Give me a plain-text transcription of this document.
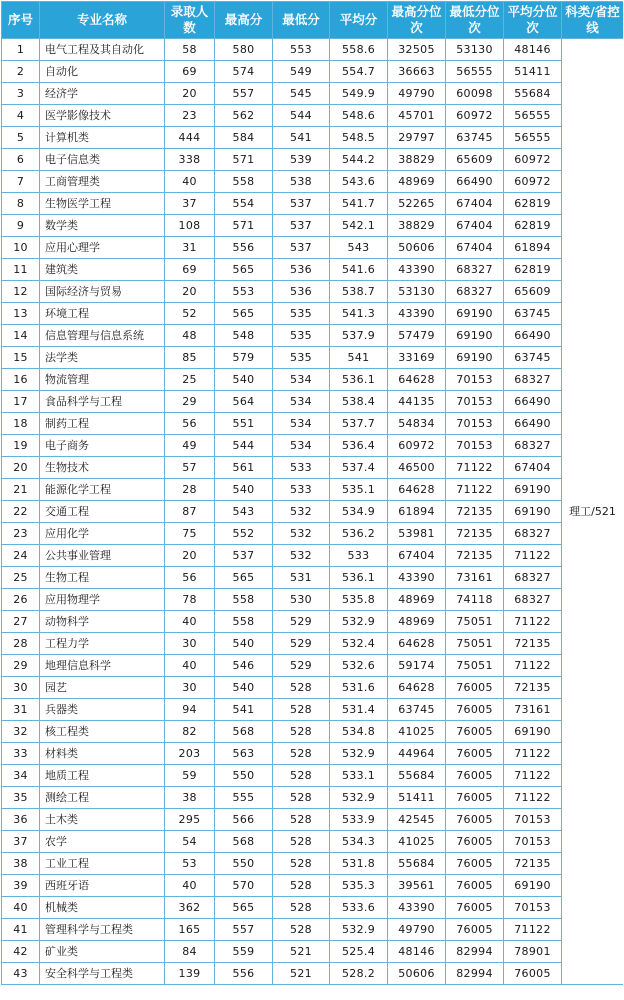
序号	专业名称	录取人数	最高分	最低分	平均分	最高分位次	最低分位次	平均分位次	科类/省控线
1	电气工程及其自动化	58	580	553	558.6	32505	53130	48146	理工/521
2	自动化	69	574	549	554.7	36663	56555	51411	
3	经济学	20	557	545	549.9	49790	60098	55684	
4	医学影像技术	23	562	544	548.6	45701	60972	56555	
5	计算机类	444	584	541	548.5	29797	63745	56555	
6	电子信息类	338	571	539	544.2	38829	65609	60972	
7	工商管理类	40	558	538	543.6	48969	66490	60972	
8	生物医学工程	37	554	537	541.7	52265	67404	62819	
9	数学类	108	571	537	542.1	38829	67404	62819	
10	应用心理学	31	556	537	543	50606	67404	61894	
11	建筑类	69	565	536	541.6	43390	68327	62819	
12	国际经济与贸易	20	553	536	538.7	53130	68327	65609	
13	环境工程	52	565	535	541.3	43390	69190	63745	
14	信息管理与信息系统	48	548	535	537.9	57479	69190	66490	
15	法学类	85	579	535	541	33169	69190	63745	
16	物流管理	25	540	534	536.1	64628	70153	68327	
17	食品科学与工程	29	564	534	538.4	44135	70153	66490	
18	制药工程	56	551	534	537.7	54834	70153	66490	
19	电子商务	49	544	534	536.4	60972	70153	68327	
20	生物技术	57	561	533	537.4	46500	71122	67404	
21	能源化学工程	28	540	533	535.1	64628	71122	69190	
22	交通工程	87	543	532	534.9	61894	72135	69190	
23	应用化学	75	552	532	536.2	53981	72135	68327	
24	公共事业管理	20	537	532	533	67404	72135	71122	
25	生物工程	56	565	531	536.1	43390	73161	68327	
26	应用物理学	78	558	530	535.8	48969	74118	68327	
27	动物科学	40	558	529	532.9	48969	75051	71122	
28	工程力学	30	540	529	532.4	64628	75051	72135	
29	地理信息科学	40	546	529	532.6	59174	75051	71122	
30	园艺	30	540	528	531.6	64628	76005	72135	
31	兵器类	94	541	528	531.4	63745	76005	73161	
32	核工程类	82	568	528	534.8	41025	76005	69190	
33	材料类	203	563	528	532.9	44964	76005	71122	
34	地质工程	59	550	528	533.1	55684	76005	71122	
35	测绘工程	38	555	528	532.9	51411	76005	71122	
36	土木类	295	566	528	533.9	42545	76005	70153	
37	农学	54	568	528	534.3	41025	76005	70153	
38	工业工程	53	550	528	531.8	55684	76005	72135	
39	西班牙语	40	570	528	535.3	39561	76005	69190	
40	机械类	362	565	528	533.6	43390	76005	70153	
41	管理科学与工程类	165	557	528	532.9	49790	76005	71122	
42	矿业类	84	559	521	525.4	48146	82994	78901	
43	安全科学与工程类	139	556	521	528.2	50606	82994	76005	
